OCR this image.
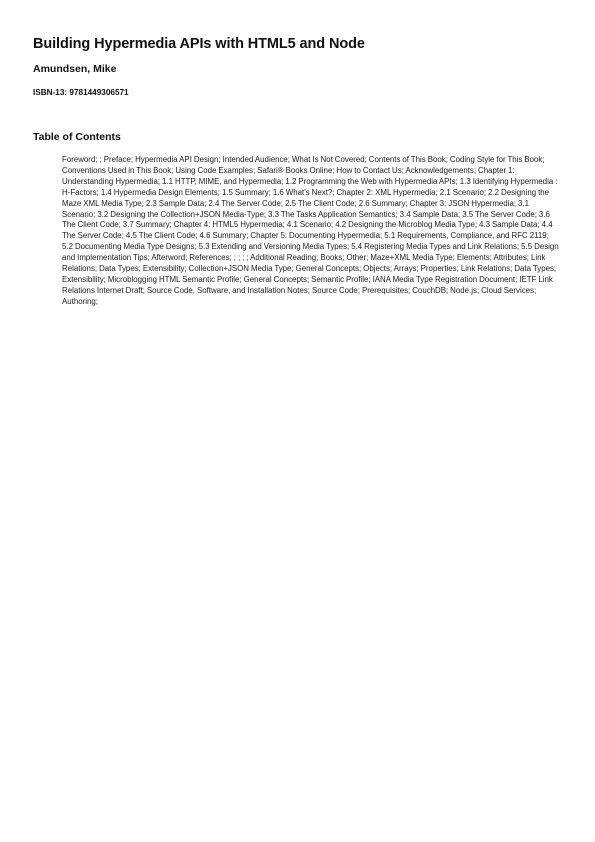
Building Hypermedia APIs with HTML5 and Node

Amundsen, Mike

ISBN-13: 9781449306571

Table of Contents

Foreword; ; Preface; Hypermedia API Design; Intended Audience; What Is Not Covered; Contents of This Book; Coding Style for This Book; Conventions Used in This Book; Using Code Examples; Safari® Books Online; How to Contact Us; Acknowledgements; Chapter 1: Understanding Hypermedia; 1.1 HTTP, MIME, and Hypermedia; 1.2 Programming the Web with Hypermedia APIs; 1.3 Identifying Hypermedia : H-Factors; 1.4 Hypermedia Design Elements; 1.5 Summary; 1.6 What's Next?; Chapter 2: XML Hypermedia; 2.1 Scenario; 2.2 Designing the Maze XML Media Type; 2.3 Sample Data; 2.4 The Server Code; 2.5 The Client Code; 2.6 Summary; Chapter 3: JSON Hypermedia; 3.1 Scenario; 3.2 Designing the Collection+JSON Media-Type; 3.3 The Tasks Application Semantics; 3.4 Sample Data; 3.5 The Server Code; 3.6 The Client Code; 3.7 Summary; Chapter 4: HTML5 Hypermedia; 4.1 Scenario; 4.2 Designing the Microblog Media Type; 4.3 Sample Data; 4.4 The Server Code; 4.5 The Client Code; 4.6 Summary; Chapter 5: Documenting Hypermedia; 5.1 Requirements, Compliance, and RFC 2119; 5.2 Documenting Media Type Designs; 5.3 Extending and Versioning Media Types; 5.4 Registering Media Types and Link Relations; 5.5 Design and Implementation Tips; Afterword; References; ; ; ; ; Additional Reading; Books; Other; Maze+XML Media Type; Elements; Attributes; Link Relations; Data Types; Extensibility; Collection+JSON Media Type; General Concepts; Objects; Arrays; Properties; Link Relations; Data Types; Extensibility; Microblogging HTML Semantic Profile; General Concepts; Semantic Profile; IANA Media Type Registration Document; IETF Link Relations Internet Draft; Source Code, Software, and Installation Notes; Source Code; Prerequisites; CouchDB; Node.js; Cloud Services; Authoring;
